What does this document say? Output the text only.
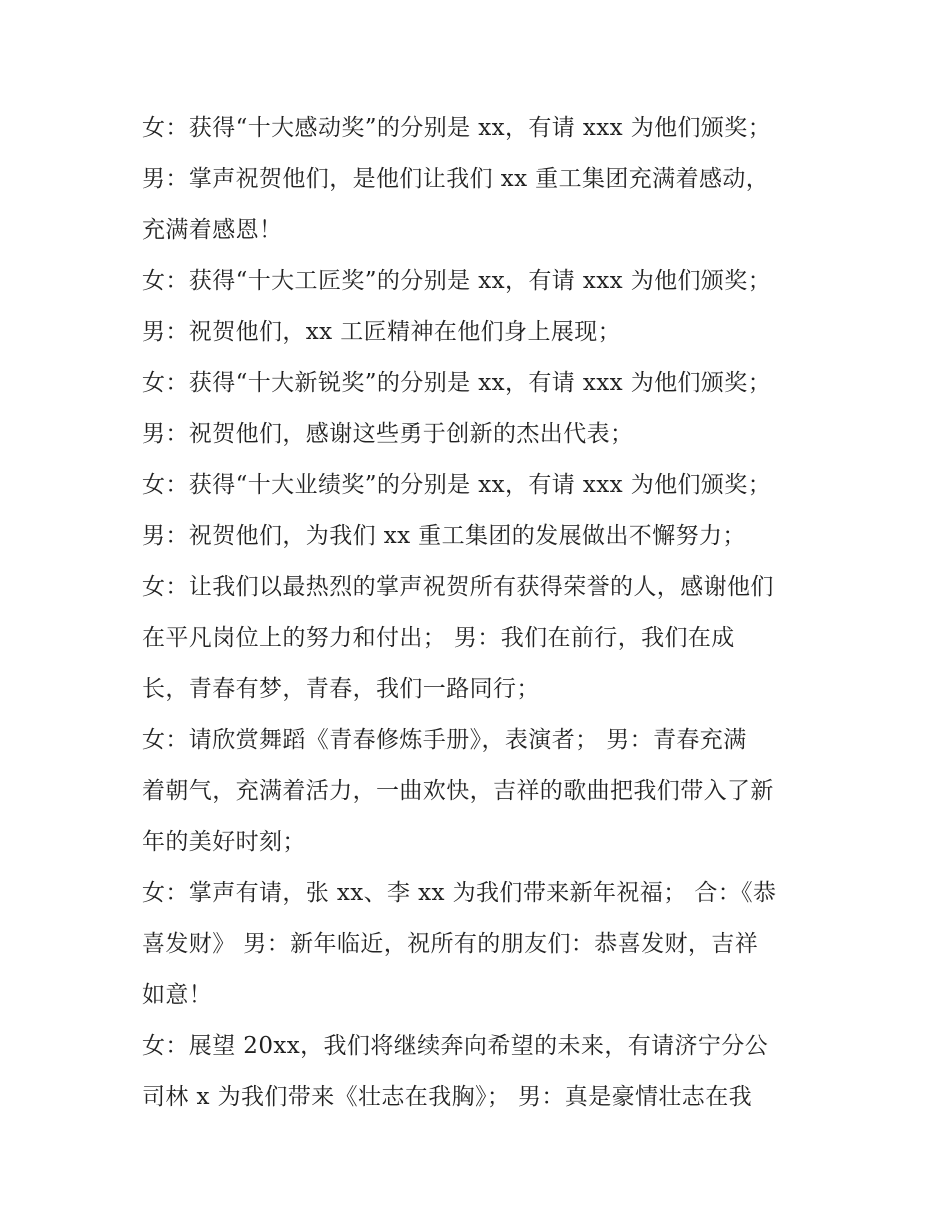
女：获得“十大感动奖”的分别是 xx，有请 xxx 为他们颁奖；
男：掌声祝贺他们，是他们让我们 xx 重工集团充满着感动，
充满着感恩！
女：获得“十大工匠奖”的分别是 xx，有请 xxx 为他们颁奖；
男：祝贺他们，xx 工匠精神在他们身上展现；
女：获得“十大新锐奖”的分别是 xx，有请 xxx 为他们颁奖；
男：祝贺他们，感谢这些勇于创新的杰出代表；
女：获得“十大业绩奖”的分别是 xx，有请 xxx 为他们颁奖；
男：祝贺他们，为我们 xx 重工集团的发展做出不懈努力；
女：让我们以最热烈的掌声祝贺所有获得荣誉的人，感谢他们
在平凡岗位上的努力和付出； 男：我们在前行，我们在成
长，青春有梦，青春，我们一路同行；
女：请欣赏舞蹈《青春修炼手册》，表演者； 男：青春充满
着朝气，充满着活力，一曲欢快，吉祥的歌曲把我们带入了新
年的美好时刻；
女：掌声有请，张 xx、李 xx 为我们带来新年祝福； 合：《恭
喜发财》 男：新年临近，祝所有的朋友们：恭喜发财，吉祥
如意！
女：展望 20xx，我们将继续奔向希望的未来，有请济宁分公
司林 x 为我们带来《壮志在我胸》； 男：真是豪情壮志在我
